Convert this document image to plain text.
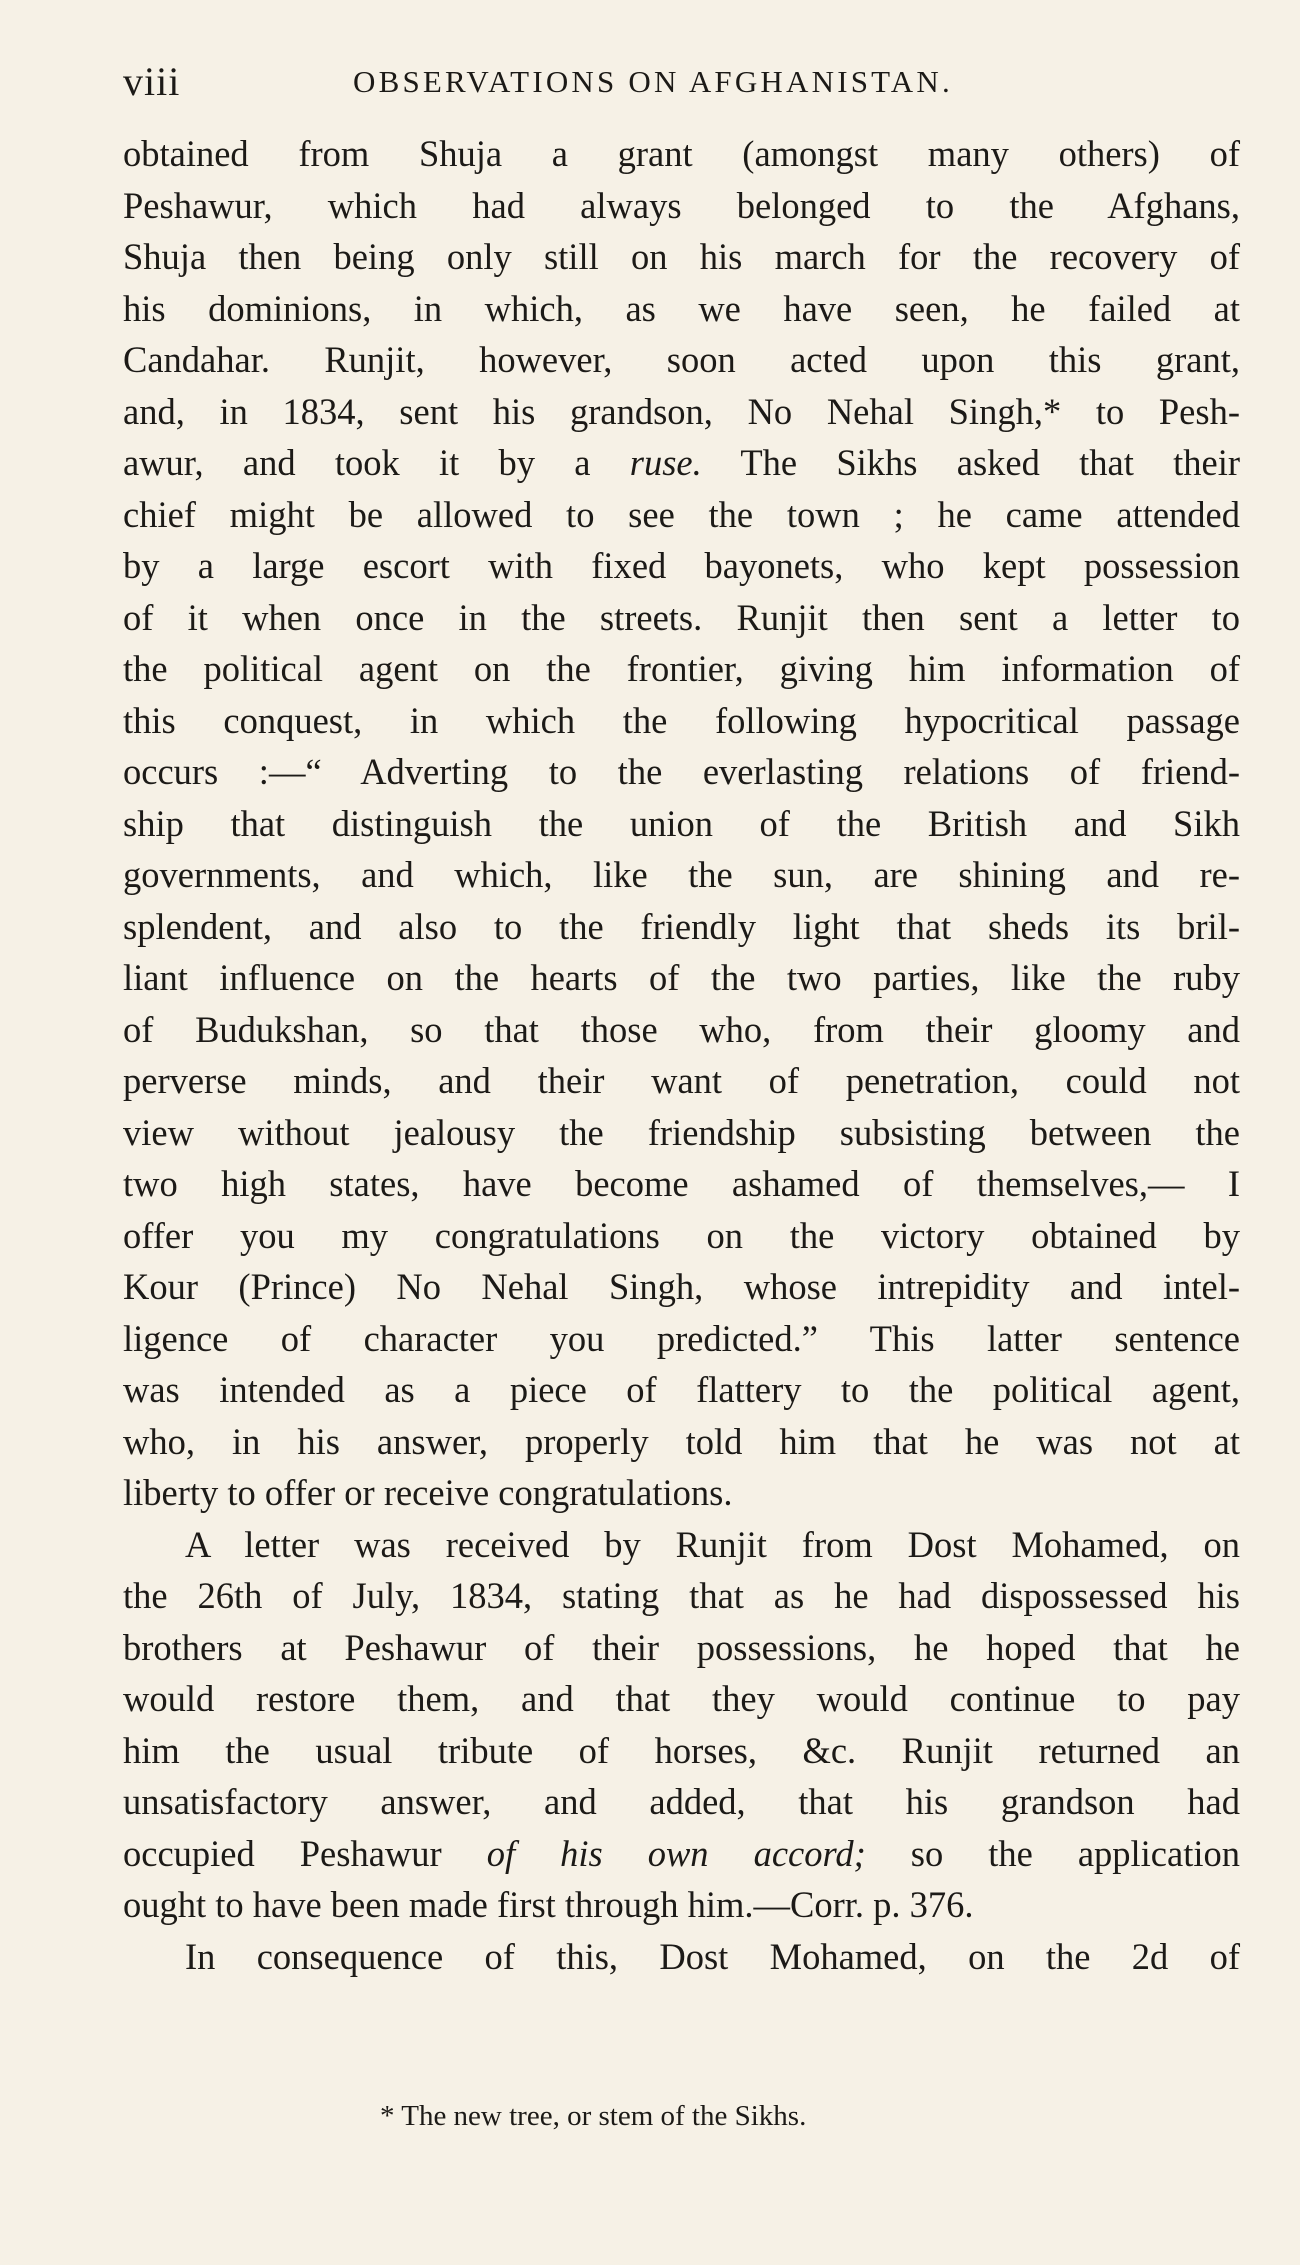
viii	OBSERVATIONS ON AFGHANISTAN.
obtained from Shuja a grant (amongst many others) of
Peshawur, which had always belonged to the Afghans,
Shuja then being only still on his march for the recovery of
his dominions, in which, as we have seen, he failed at
Candahar. Runjit, however, soon acted upon this grant,
and, in 1834, sent his grandson, No Nehal Singh,* to Pesh-
awur, and took it by a ruse. The Sikhs asked that their
chief might be allowed to see the town ; he came attended
by a large escort with fixed bayonets, who kept possession
of it when once in the streets. Runjit then sent a letter to
the political agent on the frontier, giving him information of
this conquest, in which the following hypocritical passage
occurs :—“ Adverting to the everlasting relations of friend-
ship that distinguish the union of the British and Sikh
governments, and which, like the sun, are shining and re-
splendent, and also to the friendly light that sheds its bril-
liant influence on the hearts of the two parties, like the ruby
of Budukshan, so that those who, from their gloomy and
perverse minds, and their want of penetration, could not
view without jealousy the friendship subsisting between the
two high states, have become ashamed of themselves,— I
offer you my congratulations on the victory obtained by
Kour (Prince) No Nehal Singh, whose intrepidity and intel-
ligence of character you predicted.” This latter sentence
was intended as a piece of flattery to the political agent,
who, in his answer, properly told him that he was not at
liberty to offer or receive congratulations.
A letter was received by Runjit from Dost Mohamed, on
the 26th of July, 1834, stating that as he had dispossessed his
brothers at Peshawur of their possessions, he hoped that he
would restore them, and that they would continue to pay
him the usual tribute of horses, &c. Runjit returned an
unsatisfactory answer, and added, that his grandson had
occupied Peshawur of his own accord; so the application
ought to have been made first through him.—Corr. p. 376.
In consequence of this, Dost Mohamed, on the 2d of
* The new tree, or stem of the Sikhs.
